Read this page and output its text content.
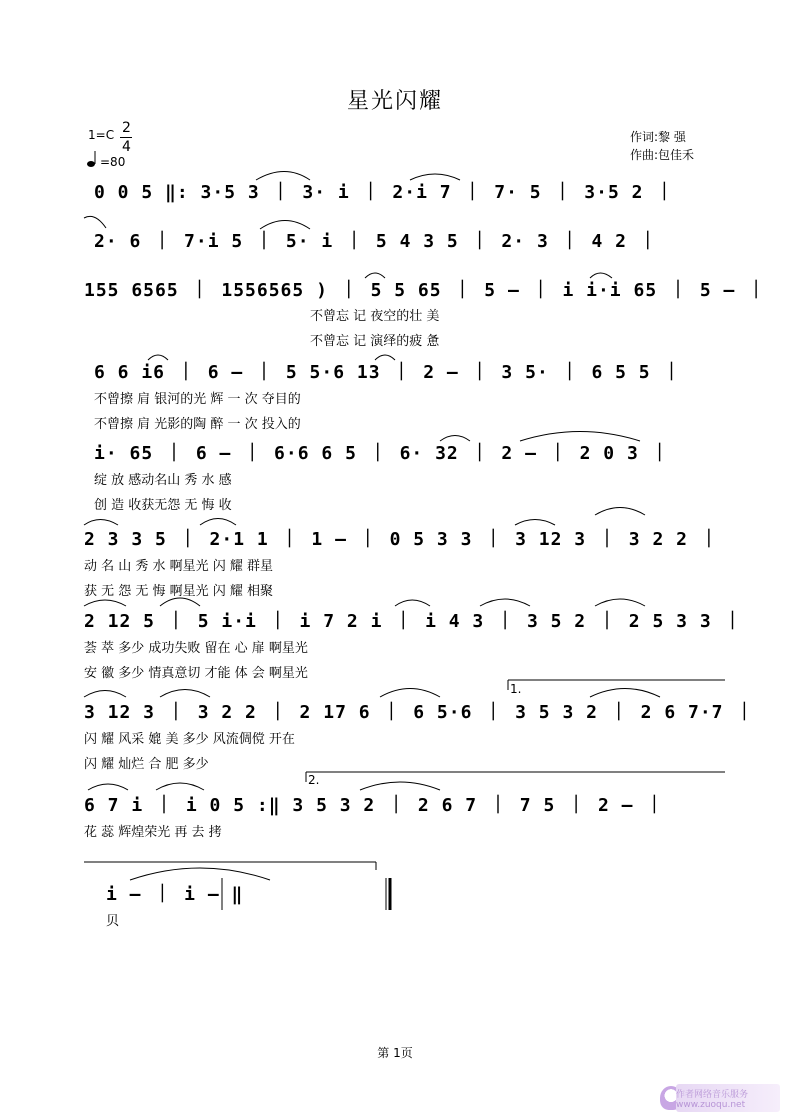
星光闪耀
1=C 2
4
=80
作词:黎 强
作曲:包佳禾
0 0 5 ‖: 3·5 3 ｜ 3· i ｜ 2·i 7 ｜ 7· 5 ｜ 3·5 2 ｜
2· 6 ｜ 7·i 5 ｜ 5· i ｜ 5 4 3 5 ｜ 2· 3 ｜ 4 2 ｜
155 6565 ｜ 1556565 ) ｜ 5 5 65 ｜ 5 – ｜ i i·i 65 ｜ 5 – ｜
不曾忘 记 夜空的壮 美
不曾忘 记 演绎的疲 惫
6 6 i6 ｜ 6 – ｜ 5 5·6 13 ｜ 2 – ｜ 3 5· ｜ 6 5 5 ｜
不曾擦 肩 银河的光 辉 一 次 夺目的
不曾擦 肩 光影的陶 醉 一 次 投入的
i· 65 ｜ 6 – ｜ 6·6 6 5 ｜ 6· 32 ｜ 2 – ｜ 2 0 3 ｜
绽 放 感动名山 秀 水 感
创 造 收获无怨 无 悔 收
2 3 3 5 ｜ 2·1 1 ｜ 1 – ｜ 0 5 3 3 ｜ 3 12 3 ｜ 3 2 2 ｜
动 名 山 秀 水 啊星光 闪 耀 群星
获 无 怨 无 悔 啊星光 闪 耀 相聚
2 12 5 ｜ 5 i·i ｜ i 7 2 i ｜ i 4 3 ｜ 3 5 2 ｜ 2 5 3 3 ｜
荟 萃 多少 成功失败 留在 心 扉 啊星光
安 徽 多少 情真意切 才能 体 会 啊星光
1.
3 12 3 ｜ 3 2 2 ｜ 2 17 6 ｜ 6 5·6 ｜ 3 5 3 2 ｜ 2 6 7·7 ｜
闪 耀 风采 媲 美 多少 风流倜傥 开在
闪 耀 灿烂 合 肥 多少
2.
6 7 i ｜ i 0 5 :‖ 3 5 3 2 ｜ 2 6 7 ｜ 7 5 ｜ 2 – ｜
花 蕊 辉煌荣光 再 去 拷
i – ｜ i – ‖
贝
第 1页
作者网络音乐服务 www.zuoqu.net
